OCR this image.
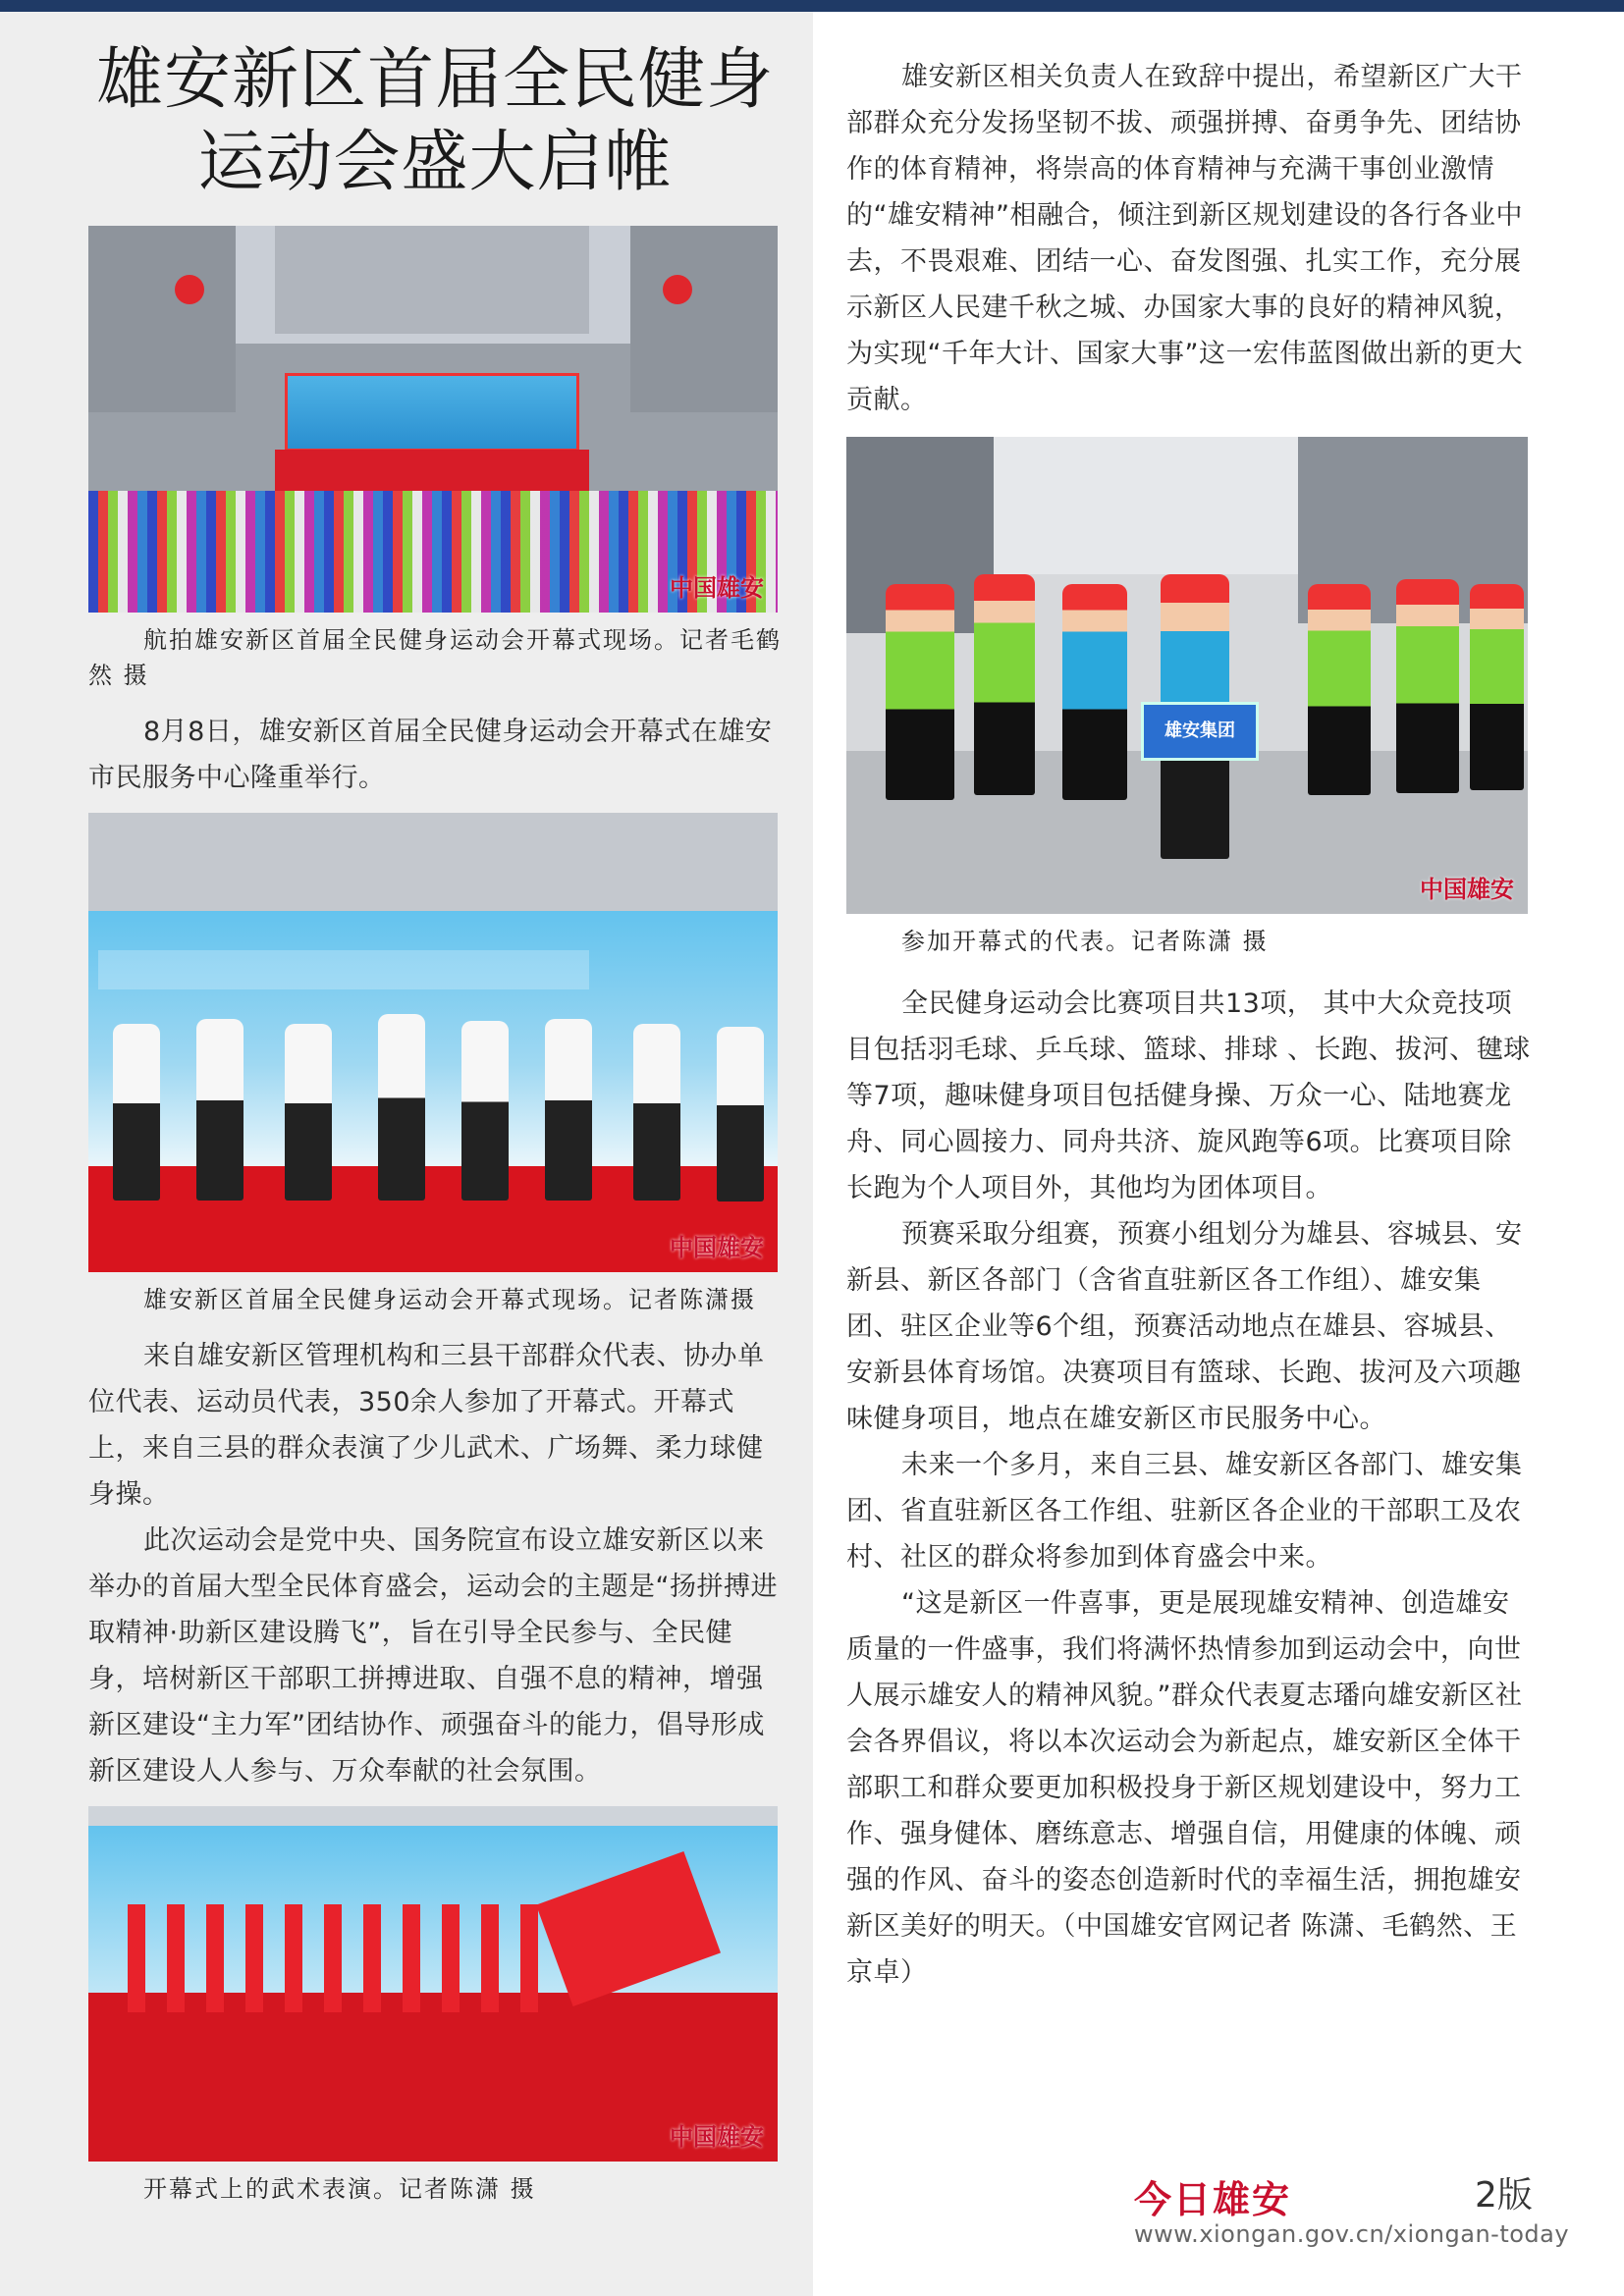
雄安新区首届全民健身
运动会盛大启帷
中国雄安
航拍雄安新区首届全民健身运动会开幕式现场。记者毛鹤然 摄

8月8日，雄安新区首届全民健身运动会开幕式在雄安市民服务中心隆重举行。

中国雄安
雄安新区首届全民健身运动会开幕式现场。记者陈潇摄

来自雄安新区管理机构和三县干部群众代表、协办单位代表、运动员代表，350余人参加了开幕式。开幕式上，来自三县的群众表演了少儿武术、广场舞、柔力球健身操。

此次运动会是党中央、国务院宣布设立雄安新区以来举办的首届大型全民体育盛会，运动会的主题是“扬拼搏进取精神·助新区建设腾飞”，旨在引导全民参与、全民健身，培树新区干部职工拼搏进取、自强不息的精神，增强新区建设“主力军”团结协作、顽强奋斗的能力，倡导形成新区建设人人参与、万众奉献的社会氛围。

中国雄安
开幕式上的武术表演。记者陈潇 摄

雄安新区相关负责人在致辞中提出，希望新区广大干部群众充分发扬坚韧不拔、顽强拼搏、奋勇争先、团结协作的体育精神，将崇高的体育精神与充满干事创业激情的“雄安精神”相融合，倾注到新区规划建设的各行各业中去，不畏艰难、团结一心、奋发图强、扎实工作，充分展示新区人民建千秋之城、办国家大事的良好的精神风貌，为实现“千年大计、国家大事”这一宏伟蓝图做出新的更大贡献。

雄安集团
中国雄安
参加开幕式的代表。记者陈潇 摄

全民健身运动会比赛项目共13项， 其中大众竞技项目包括羽毛球、乒乓球、篮球、排球 、长跑、拔河、毽球等7项，趣味健身项目包括健身操、万众一心、陆地赛龙舟、同心圆接力、同舟共济、旋风跑等6项。比赛项目除长跑为个人项目外，其他均为团体项目。

预赛采取分组赛，预赛小组划分为雄县、容城县、安新县、新区各部门（含省直驻新区各工作组）、雄安集团、驻区企业等6个组，预赛活动地点在雄县、容城县、安新县体育场馆。决赛项目有篮球、长跑、拔河及六项趣味健身项目，地点在雄安新区市民服务中心。

未来一个多月，来自三县、雄安新区各部门、雄安集团、省直驻新区各工作组、驻新区各企业的干部职工及农村、社区的群众将参加到体育盛会中来。

“这是新区一件喜事，更是展现雄安精神、创造雄安质量的一件盛事，我们将满怀热情参加到运动会中，向世人展示雄安人的精神风貌。”群众代表夏志璠向雄安新区社会各界倡议，将以本次运动会为新起点，雄安新区全体干部职工和群众要更加积极投身于新区规划建设中，努力工作、强身健体、磨练意志、增强自信，用健康的体魄、顽强的作风、奋斗的姿态创造新时代的幸福生活，拥抱雄安新区美好的明天。（中国雄安官网记者 陈潇、毛鹤然、王京卓）

今日雄安	2版
www.xiongan.gov.cn/xiongan-today
